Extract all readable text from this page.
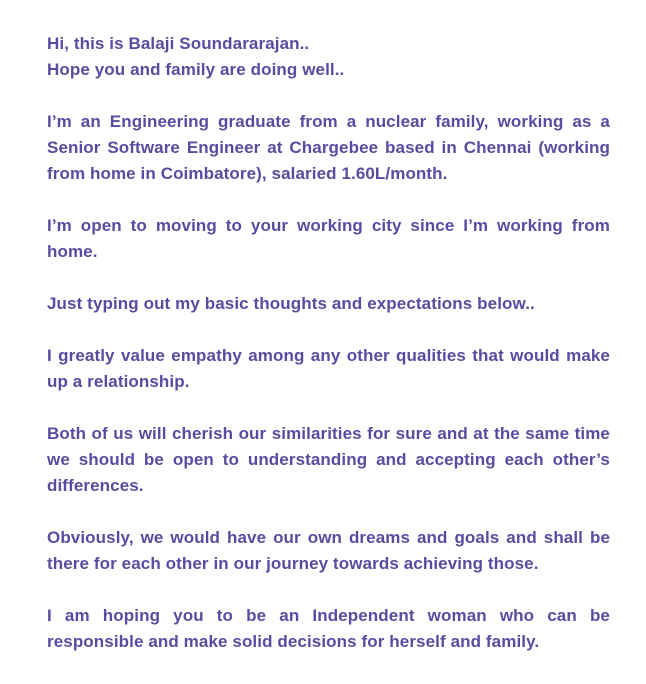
Hi, this is Balaji Soundararajan..

Hope you and family are doing well..

I’m an Engineering graduate from a nuclear family, working as a Senior Software Engineer at Chargebee based in Chennai (working from home in Coimbatore), salaried 1.60L/month.

I’m open to moving to your working city since I’m working from home.

Just typing out my basic thoughts and expectations below..

I greatly value empathy among any other qualities that would make up a relationship.

Both of us will cherish our similarities for sure and at the same time we should be open to understanding and accepting each other’s differences.

Obviously, we would have our own dreams and goals and shall be there for each other in our journey towards achieving those.

I am hoping you to be an Independent woman who can be responsible and make solid decisions for herself and family.
